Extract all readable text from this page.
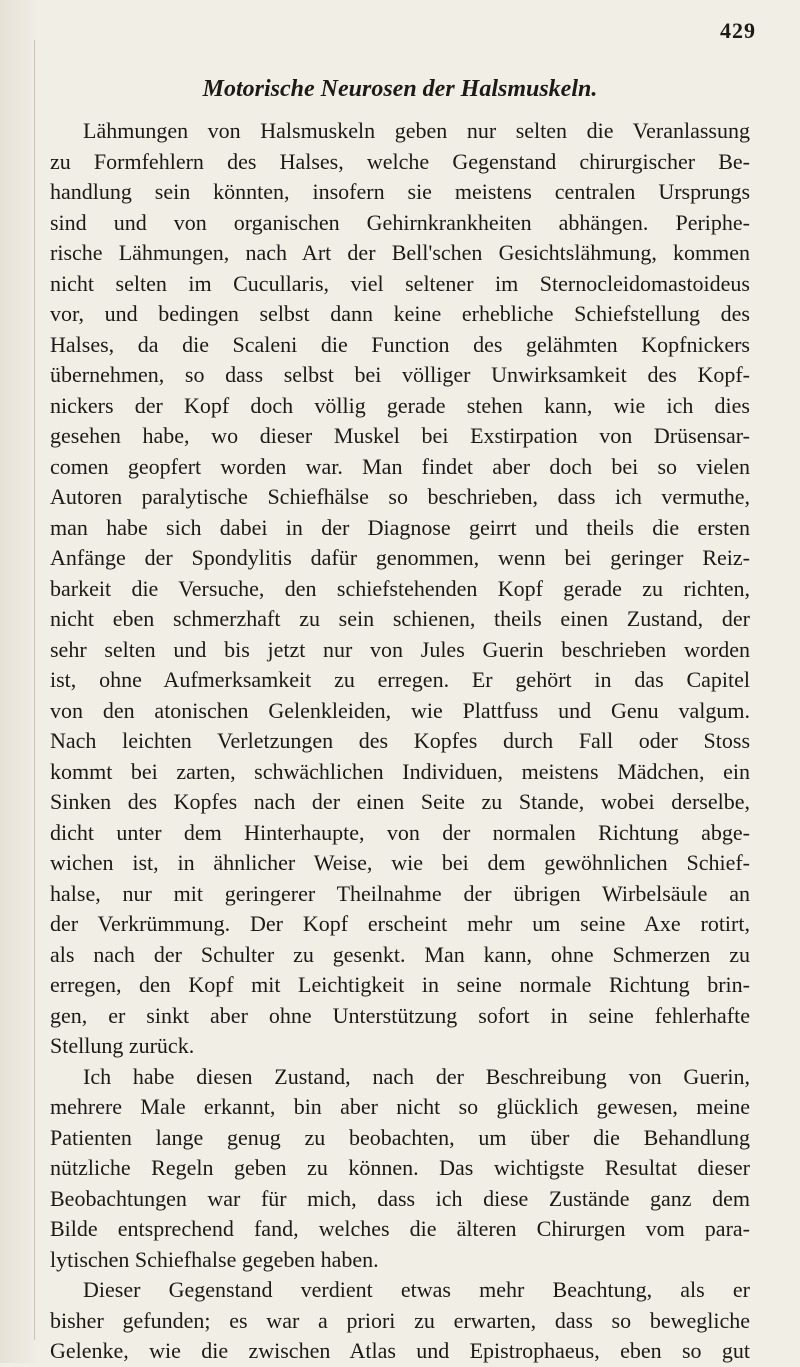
429
Motorische Neurosen der Halsmuskeln.
Lähmungen von Halsmuskeln geben nur selten die Veranlassung
zu Formfehlern des Halses, welche Gegenstand chirurgischer Be-
handlung sein könnten, insofern sie meistens centralen Ursprungs
sind und von organischen Gehirnkrankheiten abhängen. Periphe-
rische Lähmungen, nach Art der Bell'schen Gesichtslähmung, kommen
nicht selten im Cucullaris, viel seltener im Sternocleidomastoideus
vor, und bedingen selbst dann keine erhebliche Schiefstellung des
Halses, da die Scaleni die Function des gelähmten Kopfnickers
übernehmen, so dass selbst bei völliger Unwirksamkeit des Kopf-
nickers der Kopf doch völlig gerade stehen kann, wie ich dies
gesehen habe, wo dieser Muskel bei Exstirpation von Drüsensar-
comen geopfert worden war. Man findet aber doch bei so vielen
Autoren paralytische Schiefhälse so beschrieben, dass ich vermuthe,
man habe sich dabei in der Diagnose geirrt und theils die ersten
Anfänge der Spondylitis dafür genommen, wenn bei geringer Reiz-
barkeit die Versuche, den schiefstehenden Kopf gerade zu richten,
nicht eben schmerzhaft zu sein schienen, theils einen Zustand, der
sehr selten und bis jetzt nur von Jules Guerin beschrieben worden
ist, ohne Aufmerksamkeit zu erregen. Er gehört in das Capitel
von den atonischen Gelenkleiden, wie Plattfuss und Genu valgum.
Nach leichten Verletzungen des Kopfes durch Fall oder Stoss
kommt bei zarten, schwächlichen Individuen, meistens Mädchen, ein
Sinken des Kopfes nach der einen Seite zu Stande, wobei derselbe,
dicht unter dem Hinterhaupte, von der normalen Richtung abge-
wichen ist, in ähnlicher Weise, wie bei dem gewöhnlichen Schief-
halse, nur mit geringerer Theilnahme der übrigen Wirbelsäule an
der Verkrümmung. Der Kopf erscheint mehr um seine Axe rotirt,
als nach der Schulter zu gesenkt. Man kann, ohne Schmerzen zu
erregen, den Kopf mit Leichtigkeit in seine normale Richtung brin-
gen, er sinkt aber ohne Unterstützung sofort in seine fehlerhafte
Stellung zurück.
Ich habe diesen Zustand, nach der Beschreibung von Guerin,
mehrere Male erkannt, bin aber nicht so glücklich gewesen, meine
Patienten lange genug zu beobachten, um über die Behandlung
nützliche Regeln geben zu können. Das wichtigste Resultat dieser
Beobachtungen war für mich, dass ich diese Zustände ganz dem
Bilde entsprechend fand, welches die älteren Chirurgen vom para-
lytischen Schiefhalse gegeben haben.
Dieser Gegenstand verdient etwas mehr Beachtung, als er
bisher gefunden; es war a priori zu erwarten, dass so bewegliche
Gelenke, wie die zwischen Atlas und Epistrophaeus, eben so gut
